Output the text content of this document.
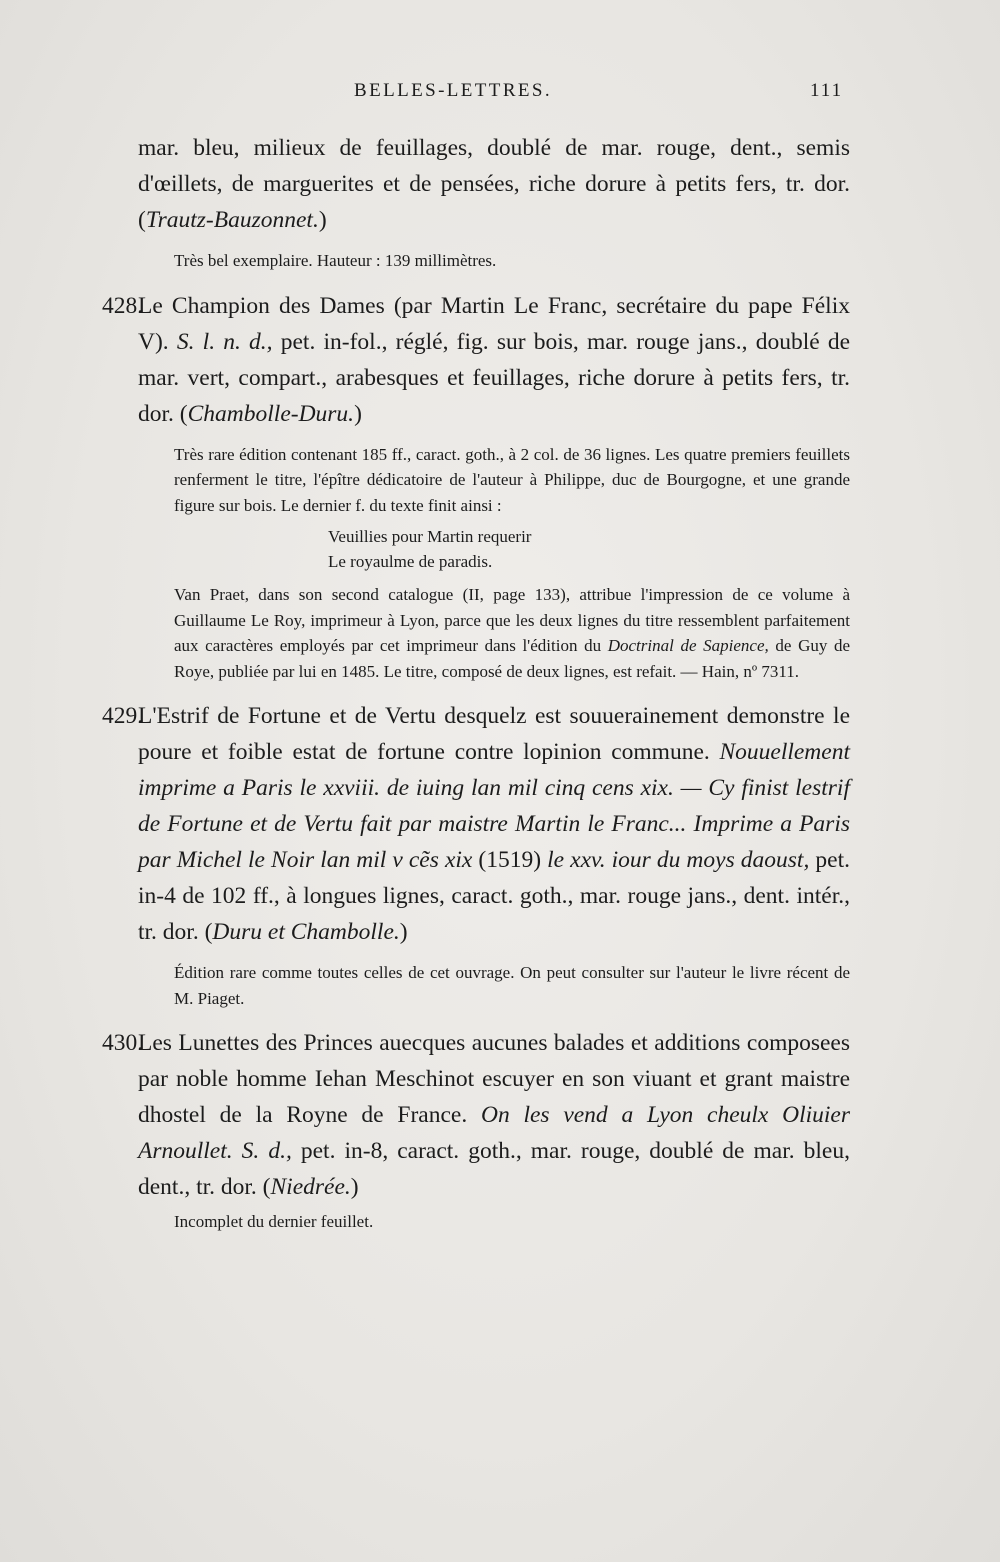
BELLES-LETTRES.	111

mar. bleu, milieux de feuillages, doublé de mar. rouge, dent., semis d'œillets, de marguerites et de pensées, riche dorure à petits fers, tr. dor. (Trautz-Bauzonnet.)

Très bel exemplaire. Hauteur : 139 millimètres.

428.
Le Champion des Dames (par Martin Le Franc, secrétaire du pape Félix V). S. l. n. d., pet. in-fol., réglé, fig. sur bois, mar. rouge jans., doublé de mar. vert, compart., arabesques et feuillages, riche dorure à petits fers, tr. dor. (Chambolle-Duru.)

Très rare édition contenant 185 ff., caract. goth., à 2 col. de 36 lignes. Les quatre premiers feuillets renferment le titre, l'épître dédicatoire de l'auteur à Philippe, duc de Bourgogne, et une grande figure sur bois. Le dernier f. du texte finit ainsi :

Veuillies pour Martin requerir
Le royaulme de paradis.

Van Praet, dans son second catalogue (II, page 133), attribue l'impression de ce volume à Guillaume Le Roy, imprimeur à Lyon, parce que les deux lignes du titre ressemblent parfaitement aux caractères employés par cet imprimeur dans l'édition du Doctrinal de Sapience, de Guy de Roye, publiée par lui en 1485. Le titre, composé de deux lignes, est refait. — Hain, nº 7311.

429.
L'Estrif de Fortune et de Vertu desquelz est souuerainement demonstre le poure et foible estat de fortune contre lopinion commune. Nouuellement imprime a Paris le xxviii. de iuing lan mil cinq cens xix. — Cy finist lestrif de Fortune et de Vertu fait par maistre Martin le Franc... Imprime a Paris par Michel le Noir lan mil v cẽs xix (1519) le xxv. iour du moys daoust, pet. in-4 de 102 ff., à longues lignes, caract. goth., mar. rouge jans., dent. intér., tr. dor. (Duru et Chambolle.)

Édition rare comme toutes celles de cet ouvrage. On peut consulter sur l'auteur le livre récent de M. Piaget.

430.
Les Lunettes des Princes auecques aucunes balades et additions composees par noble homme Iehan Meschinot escuyer en son viuant et grant maistre dhostel de la Royne de France. On les vend a Lyon cheulx Oliuier Arnoullet. S. d., pet. in-8, caract. goth., mar. rouge, doublé de mar. bleu, dent., tr. dor. (Niedrée.)

Incomplet du dernier feuillet.
